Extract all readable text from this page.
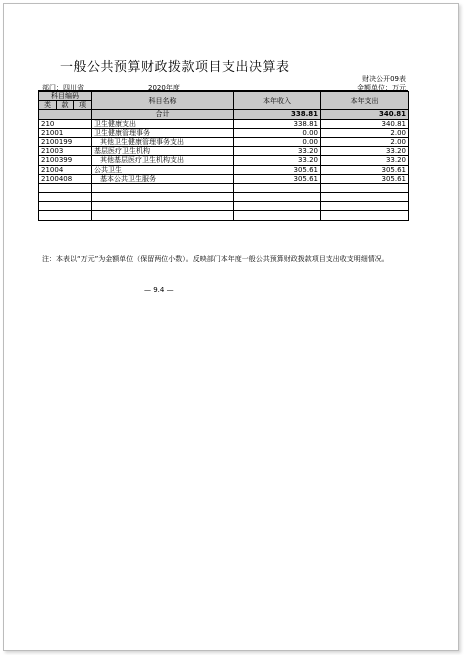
一般公共预算财政拨款项目支出决算表
财决公开09表
部门：四川省	2020年度	金额单位：万元
科目编码			科目名称	本年收入	本年支出
类	款	项			
			合计	338.81	340.81
210			卫生健康支出	338.81	340.81
21001			卫生健康管理事务	0.00	2.00
2100199			其他卫生健康管理事务支出	0.00	2.00
21003			基层医疗卫生机构	33.20	33.20
2100399			其他基层医疗卫生机构支出	33.20	33.20
21004			公共卫生	305.61	305.61
2100408			基本公共卫生服务	305.61	305.61

注：本表以“万元”为金额单位（保留两位小数）。反映部门本年度一般公共预算财政拨款项目支出收支明细情况。
— 9.4 —
